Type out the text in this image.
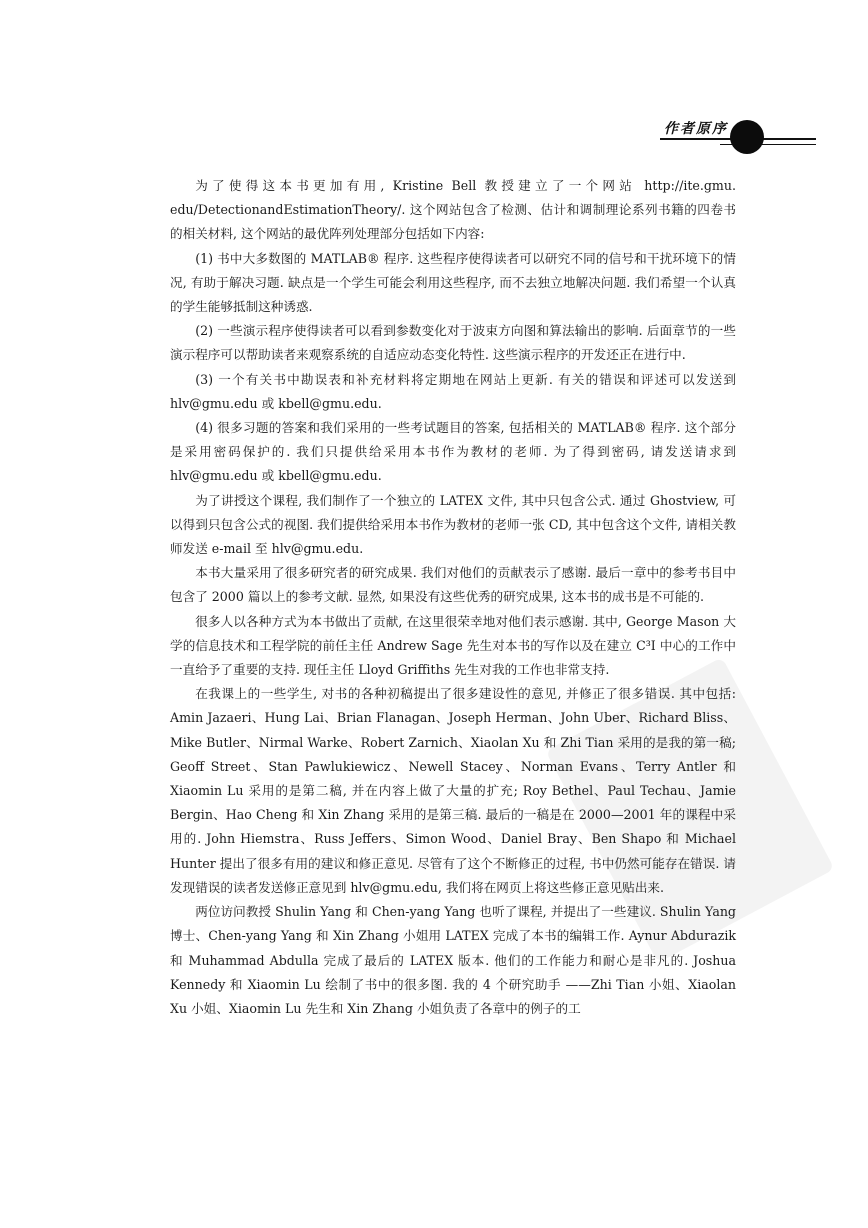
作者原序

为了使得这本书更加有用, Kristine Bell 教授建立了一个网站 http://ite.gmu. edu/DetectionandEstimationTheory/. 这个网站包含了检测、估计和调制理论系列书籍的四卷书的相关材料, 这个网站的最优阵列处理部分包括如下内容:

(1) 书中大多数图的 MATLAB® 程序. 这些程序使得读者可以研究不同的信号和干扰环境下的情况, 有助于解决习题. 缺点是一个学生可能会利用这些程序, 而不去独立地解决问题. 我们希望一个认真的学生能够抵制这种诱惑.

(2) 一些演示程序使得读者可以看到参数变化对于波束方向图和算法输出的影响. 后面章节的一些演示程序可以帮助读者来观察系统的自适应动态变化特性. 这些演示程序的开发还正在进行中.

(3) 一个有关书中勘误表和补充材料将定期地在网站上更新. 有关的错误和评述可以发送到 hlv@gmu.edu 或 kbell@gmu.edu.

(4) 很多习题的答案和我们采用的一些考试题目的答案, 包括相关的 MATLAB® 程序. 这个部分是采用密码保护的. 我们只提供给采用本书作为教材的老师. 为了得到密码, 请发送请求到 hlv@gmu.edu 或 kbell@gmu.edu.

为了讲授这个课程, 我们制作了一个独立的 LATEX 文件, 其中只包含公式. 通过 Ghostview, 可以得到只包含公式的视图. 我们提供给采用本书作为教材的老师一张 CD, 其中包含这个文件, 请相关教师发送 e-mail 至 hlv@gmu.edu.

本书大量采用了很多研究者的研究成果. 我们对他们的贡献表示了感谢. 最后一章中的参考书目中包含了 2000 篇以上的参考文献. 显然, 如果没有这些优秀的研究成果, 这本书的成书是不可能的.

很多人以各种方式为本书做出了贡献, 在这里很荣幸地对他们表示感谢. 其中, George Mason 大学的信息技术和工程学院的前任主任 Andrew Sage 先生对本书的写作以及在建立 C³I 中心的工作中一直给予了重要的支持. 现任主任 Lloyd Griffiths 先生对我的工作也非常支持.

在我课上的一些学生, 对书的各种初稿提出了很多建设性的意见, 并修正了很多错误. 其中包括: Amin Jazaeri、Hung Lai、Brian Flanagan、Joseph Herman、John Uber、Richard Bliss、Mike Butler、Nirmal Warke、Robert Zarnich、Xiaolan Xu 和 Zhi Tian 采用的是我的第一稿; Geoff Street、Stan Pawlukiewicz、Newell Stacey、Norman Evans、Terry Antler 和 Xiaomin Lu 采用的是第二稿, 并在内容上做了大量的扩充; Roy Bethel、Paul Techau、Jamie Bergin、Hao Cheng 和 Xin Zhang 采用的是第三稿. 最后的一稿是在 2000—2001 年的课程中采用的. John Hiemstra、Russ Jeffers、Simon Wood、Daniel Bray、Ben Shapo 和 Michael Hunter 提出了很多有用的建议和修正意见. 尽管有了这个不断修正的过程, 书中仍然可能存在错误. 请发现错误的读者发送修正意见到 hlv@gmu.edu, 我们将在网页上将这些修正意见贴出来.

两位访问教授 Shulin Yang 和 Chen-yang Yang 也听了课程, 并提出了一些建议. Shulin Yang 博士、Chen-yang Yang 和 Xin Zhang 小姐用 LATEX 完成了本书的编辑工作. Aynur Abdurazik 和 Muhammad Abdulla 完成了最后的 LATEX 版本. 他们的工作能力和耐心是非凡的. Joshua Kennedy 和 Xiaomin Lu 绘制了书中的很多图. 我的 4 个研究助手 ——Zhi Tian 小姐、Xiaolan Xu 小姐、Xiaomin Lu 先生和 Xin Zhang 小姐负责了各章中的例子的工
